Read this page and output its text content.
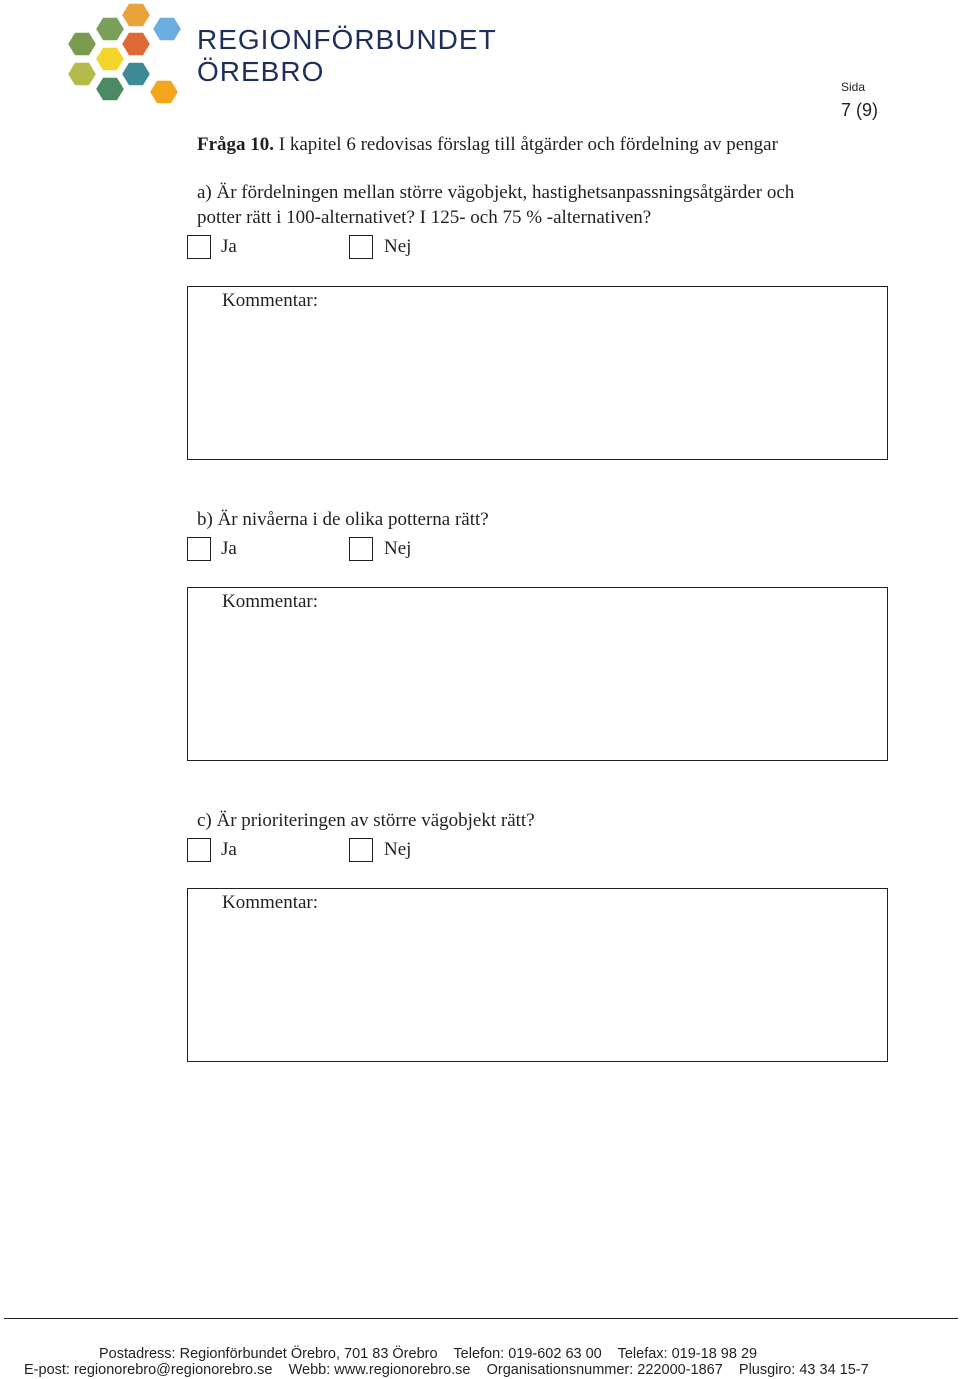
REGIONFÖRBUNDET
ÖREBRO	Sida
7 (9)
Fråga 10. I kapitel 6 redovisas förslag till åtgärder och fördelning av pengar
a) Är fördelningen mellan större vägobjekt, hastighetsanpassningsåtgärder och
potter rätt i 100-alternativet? I 125- och 75 % -alternativen?
Ja	Nej
Kommentar:
b) Är nivåerna i de olika potterna rätt?
Ja	Nej
Kommentar:
c) Är prioriteringen av större vägobjekt rätt?
Ja	Nej
Kommentar:
Postadress: Regionförbundet Örebro, 701 83 Örebro Telefon: 019-602 63 00 Telefax: 019-18 98 29
E-post: regionorebro@regionorebro.se Webb: www.regionorebro.se Organisationsnummer: 222000-1867 Plusgiro: 43 34 15-7
